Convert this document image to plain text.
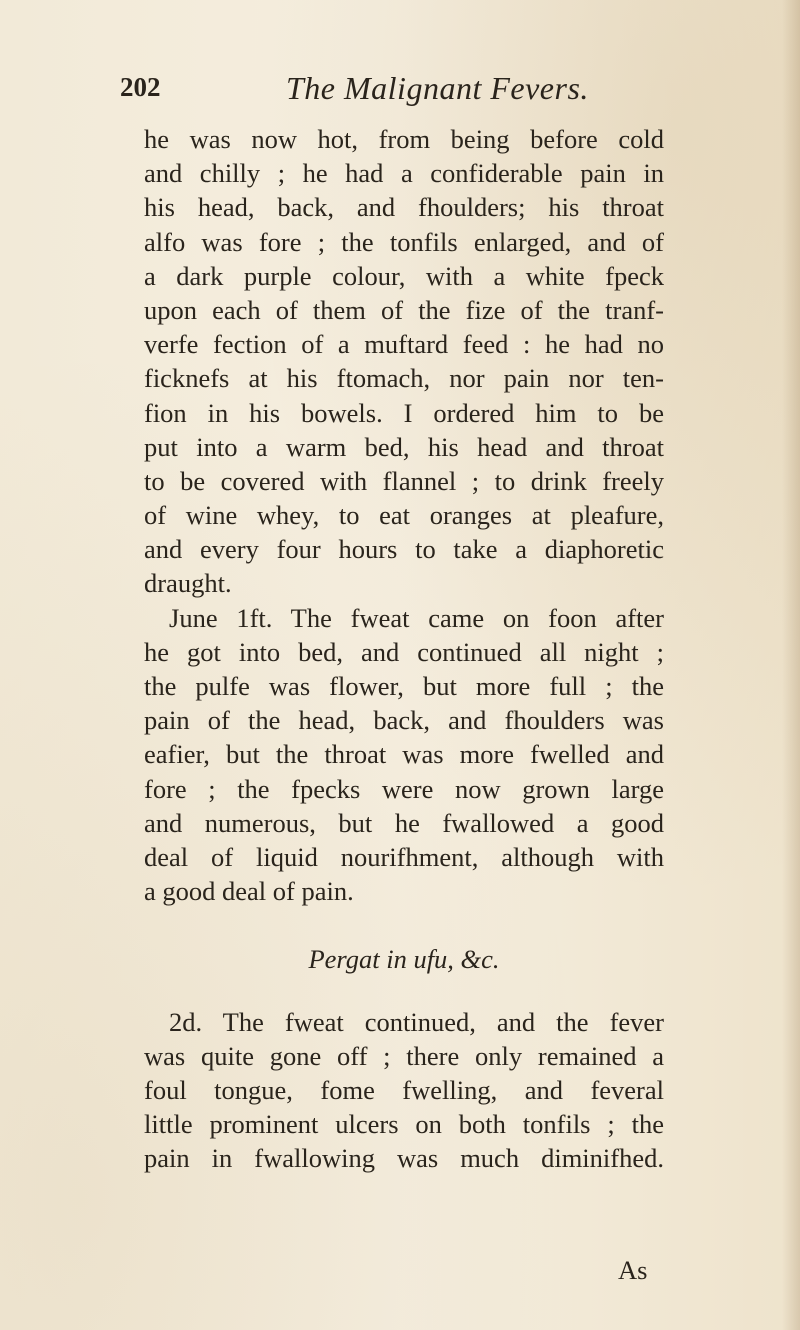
202	The Malignant Fevers.
he was now hot, from being before cold
and chilly ; he had a confiderable pain in
his head, back, and fhoulders; his throat
alfo was fore ; the tonfils enlarged, and of
a dark purple colour, with a white fpeck
upon each of them of the fize of the tranf-
verfe fection of a muftard feed : he had no
ficknefs at his ftomach, nor pain nor ten-
fion in his bowels. I ordered him to be
put into a warm bed, his head and throat
to be covered with flannel ; to drink freely
of wine whey, to eat oranges at pleafure,
and every four hours to take a diaphoretic
draught.
June 1ft. The fweat came on foon after
he got into bed, and continued all night ;
the pulfe was flower, but more full ; the
pain of the head, back, and fhoulders was
eafier, but the throat was more fwelled and
fore ; the fpecks were now grown large
and numerous, but he fwallowed a good
deal of liquid nourifhment, although with
a good deal of pain.
Pergat in ufu, &c.
2d. The fweat continued, and the fever
was quite gone off ; there only remained a
foul tongue, fome fwelling, and feveral
little prominent ulcers on both tonfils ; the
pain in fwallowing was much diminifhed.
As
